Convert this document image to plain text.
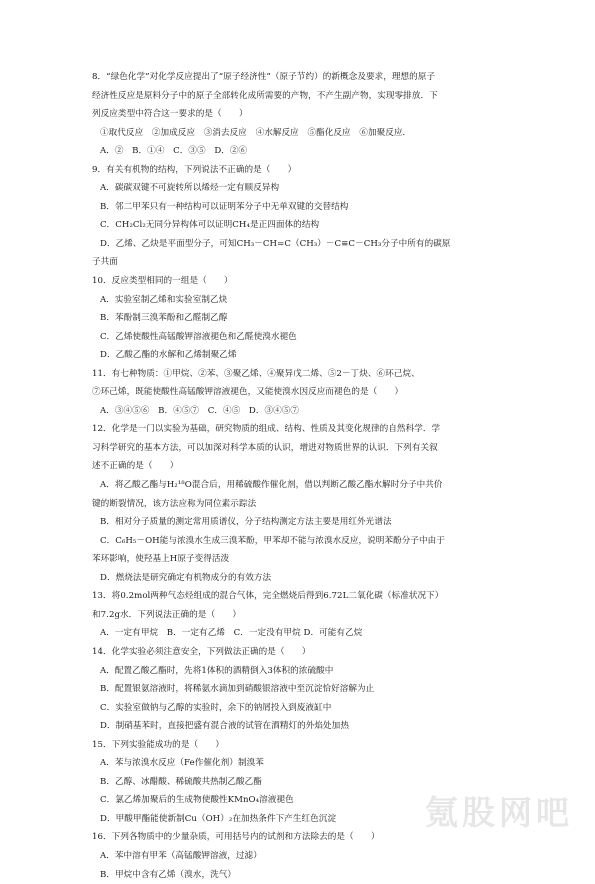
8．“绿色化学”对化学反应提出了“原子经济性”（原子节约）的新概念及要求，理想的原子
经济性反应是原料分子中的原子全部转化成所需要的产物，不产生副产物，实现零排放．下
列反应类型中符合这一要求的是（　　）
①取代反应　②加成反应　③消去反应　④水解反应　⑤酯化反应　⑥加聚反应．
A．②　B．①④　C．③⑤　D．②⑥
9．有关有机物的结构，下列说法不正确的是（　　）
A．碳碳双键不可旋转所以烯烃一定有顺反异构
B．邻二甲苯只有一种结构可以证明苯分子中无单双键的交替结构
C．CH₂Cl₂无同分异构体可以证明CH₄是正四面体的结构
D．乙烯、乙炔是平面型分子，可知CH₃－CH=C（CH₃）－C≡C－CH₃分子中所有的碳原
子共面
10．反应类型相同的一组是（　　）
A．实验室制乙烯和实验室制乙炔
B．苯酚制三溴苯酚和乙醛制乙醇
C．乙烯使酸性高锰酸钾溶液褪色和乙醛使溴水褪色
D．乙酸乙酯的水解和乙烯制聚乙烯
11．有七种物质：①甲烷、②苯、③聚乙烯、④聚异戊二烯、⑤2－丁炔、⑥环己烷、
⑦环己烯，既能使酸性高锰酸钾溶液褪色，又能使溴水因反应而褪色的是（　　）
A．③④⑤⑥　B．④⑤⑦　C．④⑤　D．③④⑤⑦
12．化学是一门以实验为基础，研究物质的组成、结构、性质及其变化规律的自然科学．学
习科学研究的基本方法，可以加深对科学本质的认识，增进对物质世界的认识．下列有关叙
述不正确的是（　　）
A．将乙酸乙酯与H₂¹⁸O混合后，用稀硫酸作催化剂，借以判断乙酸乙酯水解时分子中共价
键的断裂情况，该方法应称为同位素示踪法
B．相对分子质量的测定常用质谱仪，分子结构测定方法主要是用红外光谱法
C．C₆H₅－OH能与浓溴水生成三溴苯酚，甲苯却不能与浓溴水反应，说明苯酚分子中由于
苯环影响，使羟基上H原子变得活泼
D．燃烧法是研究确定有机物成分的有效方法
13．将0.2mol两种气态烃组成的混合气体，完全燃烧后得到6.72L二氧化碳（标准状况下）
和7.2g水．下列说法正确的是（　　）
A．一定有甲烷　B．一定有乙烯　C．一定没有甲烷 D．可能有乙烷
14．化学实验必须注意安全，下列做法正确的是（　　）
A．配置乙酸乙酯时，先将1体积的酒精倒入3体积的浓硫酸中
B．配置银氨溶液时，将稀氨水滴加到硝酸银溶液中至沉淀恰好溶解为止
C．实验室做钠与乙醇的实验时，余下的钠屑投入到废液缸中
D．制硝基苯时，直接把盛有混合液的试管在酒精灯的外焰处加热
15．下列实验能成功的是（　　）
A．苯与浓溴水反应（Fe作催化剂）制溴苯
B．乙醇、冰醋酸、稀硫酸共热制乙酸乙酯
C．氯乙烯加聚后的生成物使酸性KMnO₄溶液褪色
D．甲酸甲酯能使新制Cu（OH）₂在加热条件下产生红色沉淀
16．下列各物质中的少量杂质，可用括号内的试剂和方法除去的是（　　）
A．苯中溶有甲苯（高锰酸钾溶液，过滤）
B．甲烷中含有乙烯（溴水，洗气）
氪股网吧
